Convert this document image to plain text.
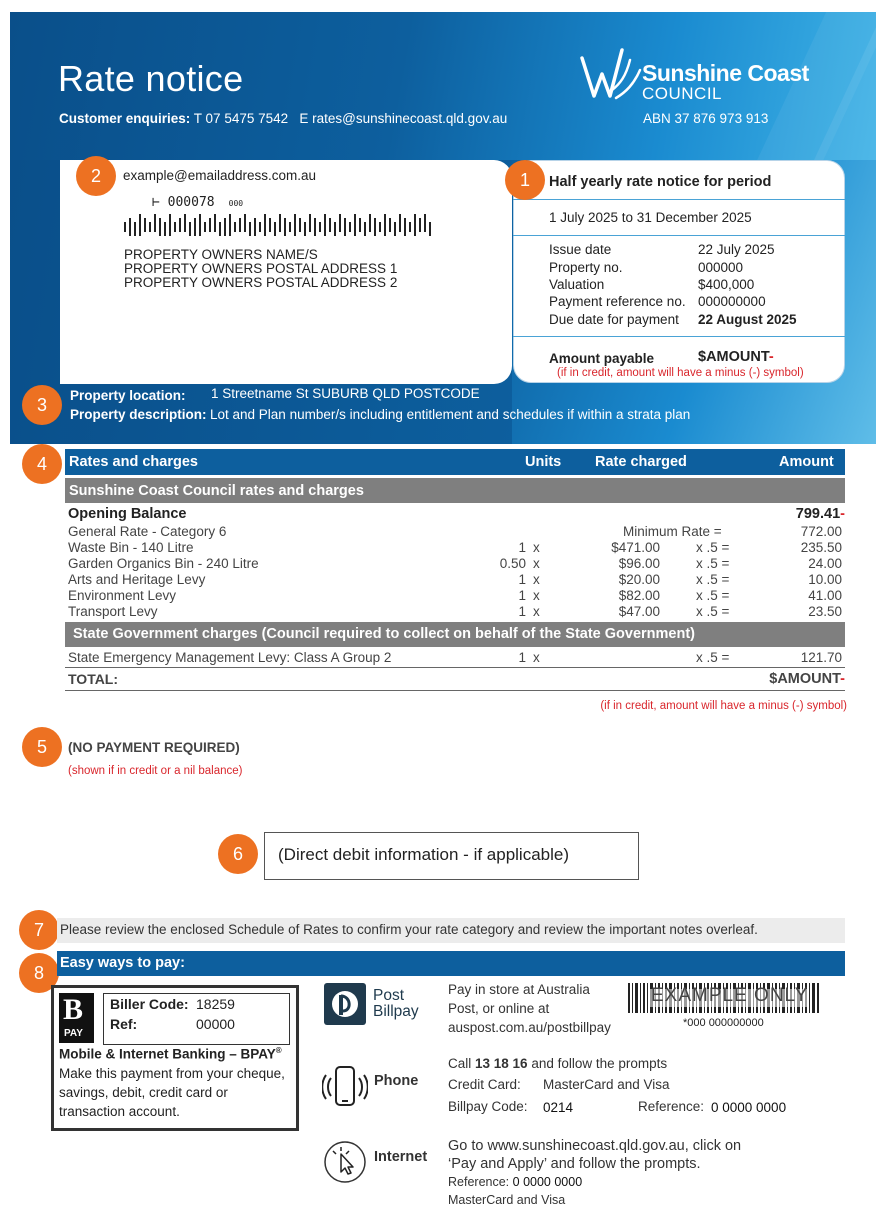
Rate notice
Customer enquiries: T 07 5475 7542   E rates@sunshinecoast.qld.gov.au	ABN 37 876 973 913
Sunshine Coast
COUNCIL
example@emailaddress.com.au
⊢ 000078 000
PROPERTY OWNERS NAME/S
PROPERTY OWNERS POSTAL ADDRESS 1
PROPERTY OWNERS POSTAL ADDRESS 2
Half yearly rate notice for period
1 July 2025 to 31 December 2025
Issue date	22 July 2025
Property no.	000000
Valuation	$400,000
Payment reference no. 000000000
Due date for payment 22 August 2025
Amount payable	$AMOUNT-
(if in credit, amount will have a minus (-) symbol)
Property location: 1 Streetname St SUBURB QLD POSTCODE
Property description: Lot and Plan number/s including entitlement and schedules if within a strata plan
1
2
3
4
5
6
7
8
Rates and charges	Units Rate charged	Amount
Sunshine Coast Council rates and charges
Opening Balance	799.41-
General Rate - Category 6	Minimum Rate =	772.00
Waste Bin - 140 Litre	1 x	$471.00	x .5 =	235.50
Garden Organics Bin - 240 Litre	0.50 x	$96.00	x .5 =	24.00
Arts and Heritage Levy	1 x	$20.00	x .5 =	10.00
Environment Levy	1 x	$82.00	x .5 =	41.00
Transport Levy	1 x	$47.00	x .5 =	23.50
State Government charges (Council required to collect on behalf of the State Government)
State Emergency Management Levy: Class A Group 2	1 x	x .5 =	121.70
TOTAL:	$AMOUNT-
(if in credit, amount will have a minus (-) symbol)
(NO PAYMENT REQUIRED)
(shown if in credit or a nil balance)
(Direct debit information - if applicable)
Please review the enclosed Schedule of Rates to confirm your rate category and review the important notes overleaf.
Easy ways to pay:
B
PAY
Biller Code: 18259
Ref:	00000
Mobile & Internet Banking – BPAY®
Make this payment from your cheque, savings, debit, credit card or transaction account.
Post
Billpay
Pay in store at Australia
Post, or online at
auspost.com.au/postbillpay
EXAMPLE ONLY
*000 000000000
Phone
Call 13 18 16 and follow the prompts
Credit Card: MasterCard and Visa
Billpay Code: 0214	Reference: 0 0000 0000
Internet
Go to www.sunshinecoast.qld.gov.au, click on
‘Pay and Apply’ and follow the prompts.
Reference: 0 0000 0000
MasterCard and Visa
